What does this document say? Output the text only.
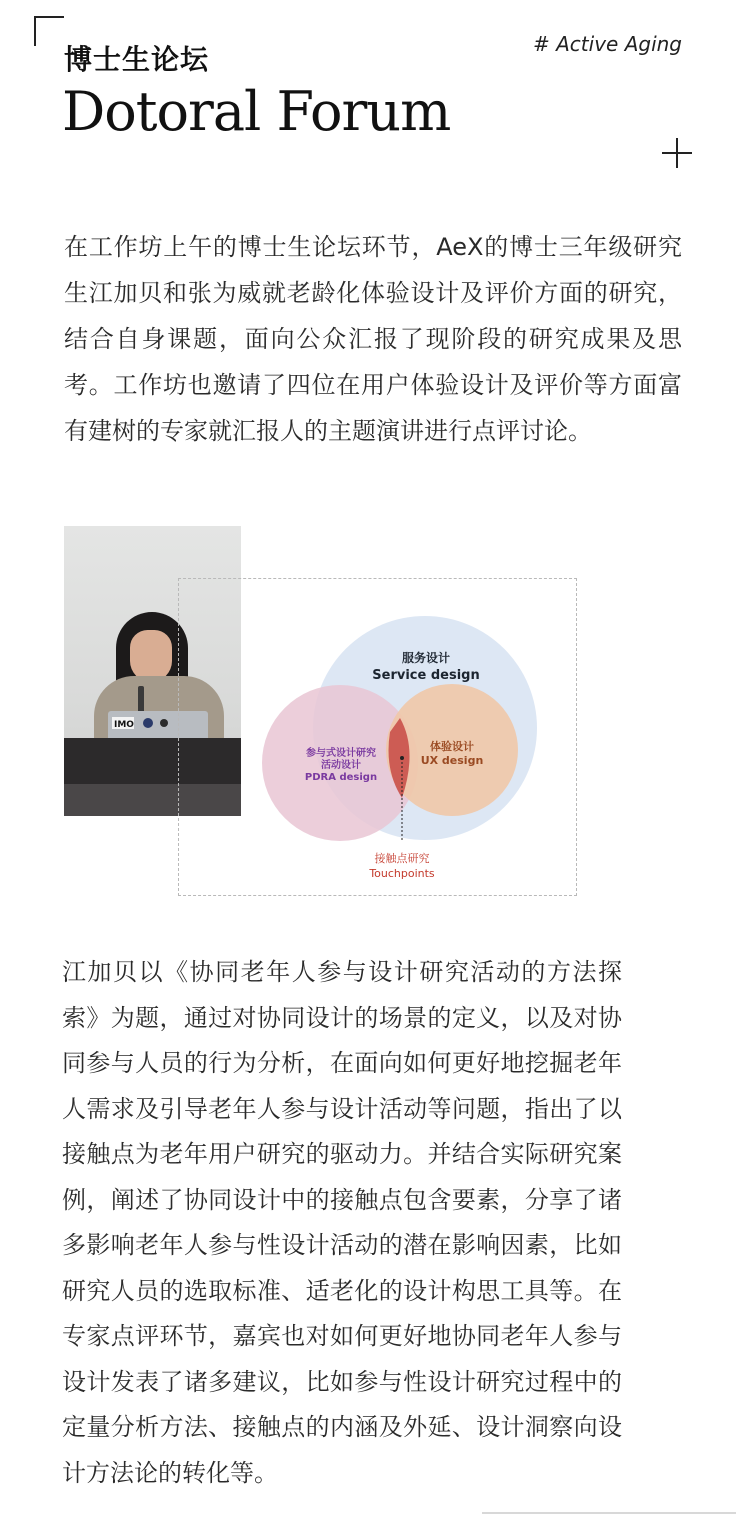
博士生论坛	# Active Aging
Dotoral Forum

在工作坊上午的博士生论坛环节，AeX的博士三年级研究生江加贝和张为威就老龄化体验设计及评价方面的研究，结合自身课题，面向公众汇报了现阶段的研究成果及思考。工作坊也邀请了四位在用户体验设计及评价等方面富有建树的专家就汇报人的主题演讲进行点评讨论。

IMO
服务设计
Service design
参与式设计研究
活动设计
PDRA design
体验设计
UX design
接触点研究
Touchpoints

江加贝以《协同老年人参与设计研究活动的方法探索》为题，通过对协同设计的场景的定义，以及对协同参与人员的行为分析，在面向如何更好地挖掘老年人需求及引导老年人参与设计活动等问题，指出了以接触点为老年用户研究的驱动力。并结合实际研究案例，阐述了协同设计中的接触点包含要素，分享了诸多影响老年人参与性设计活动的潜在影响因素，比如研究人员的选取标准、适老化的设计构思工具等。在专家点评环节，嘉宾也对如何更好地协同老年人参与设计发表了诸多建议，比如参与性设计研究过程中的定量分析方法、接触点的内涵及外延、设计洞察向设计方法论的转化等。
